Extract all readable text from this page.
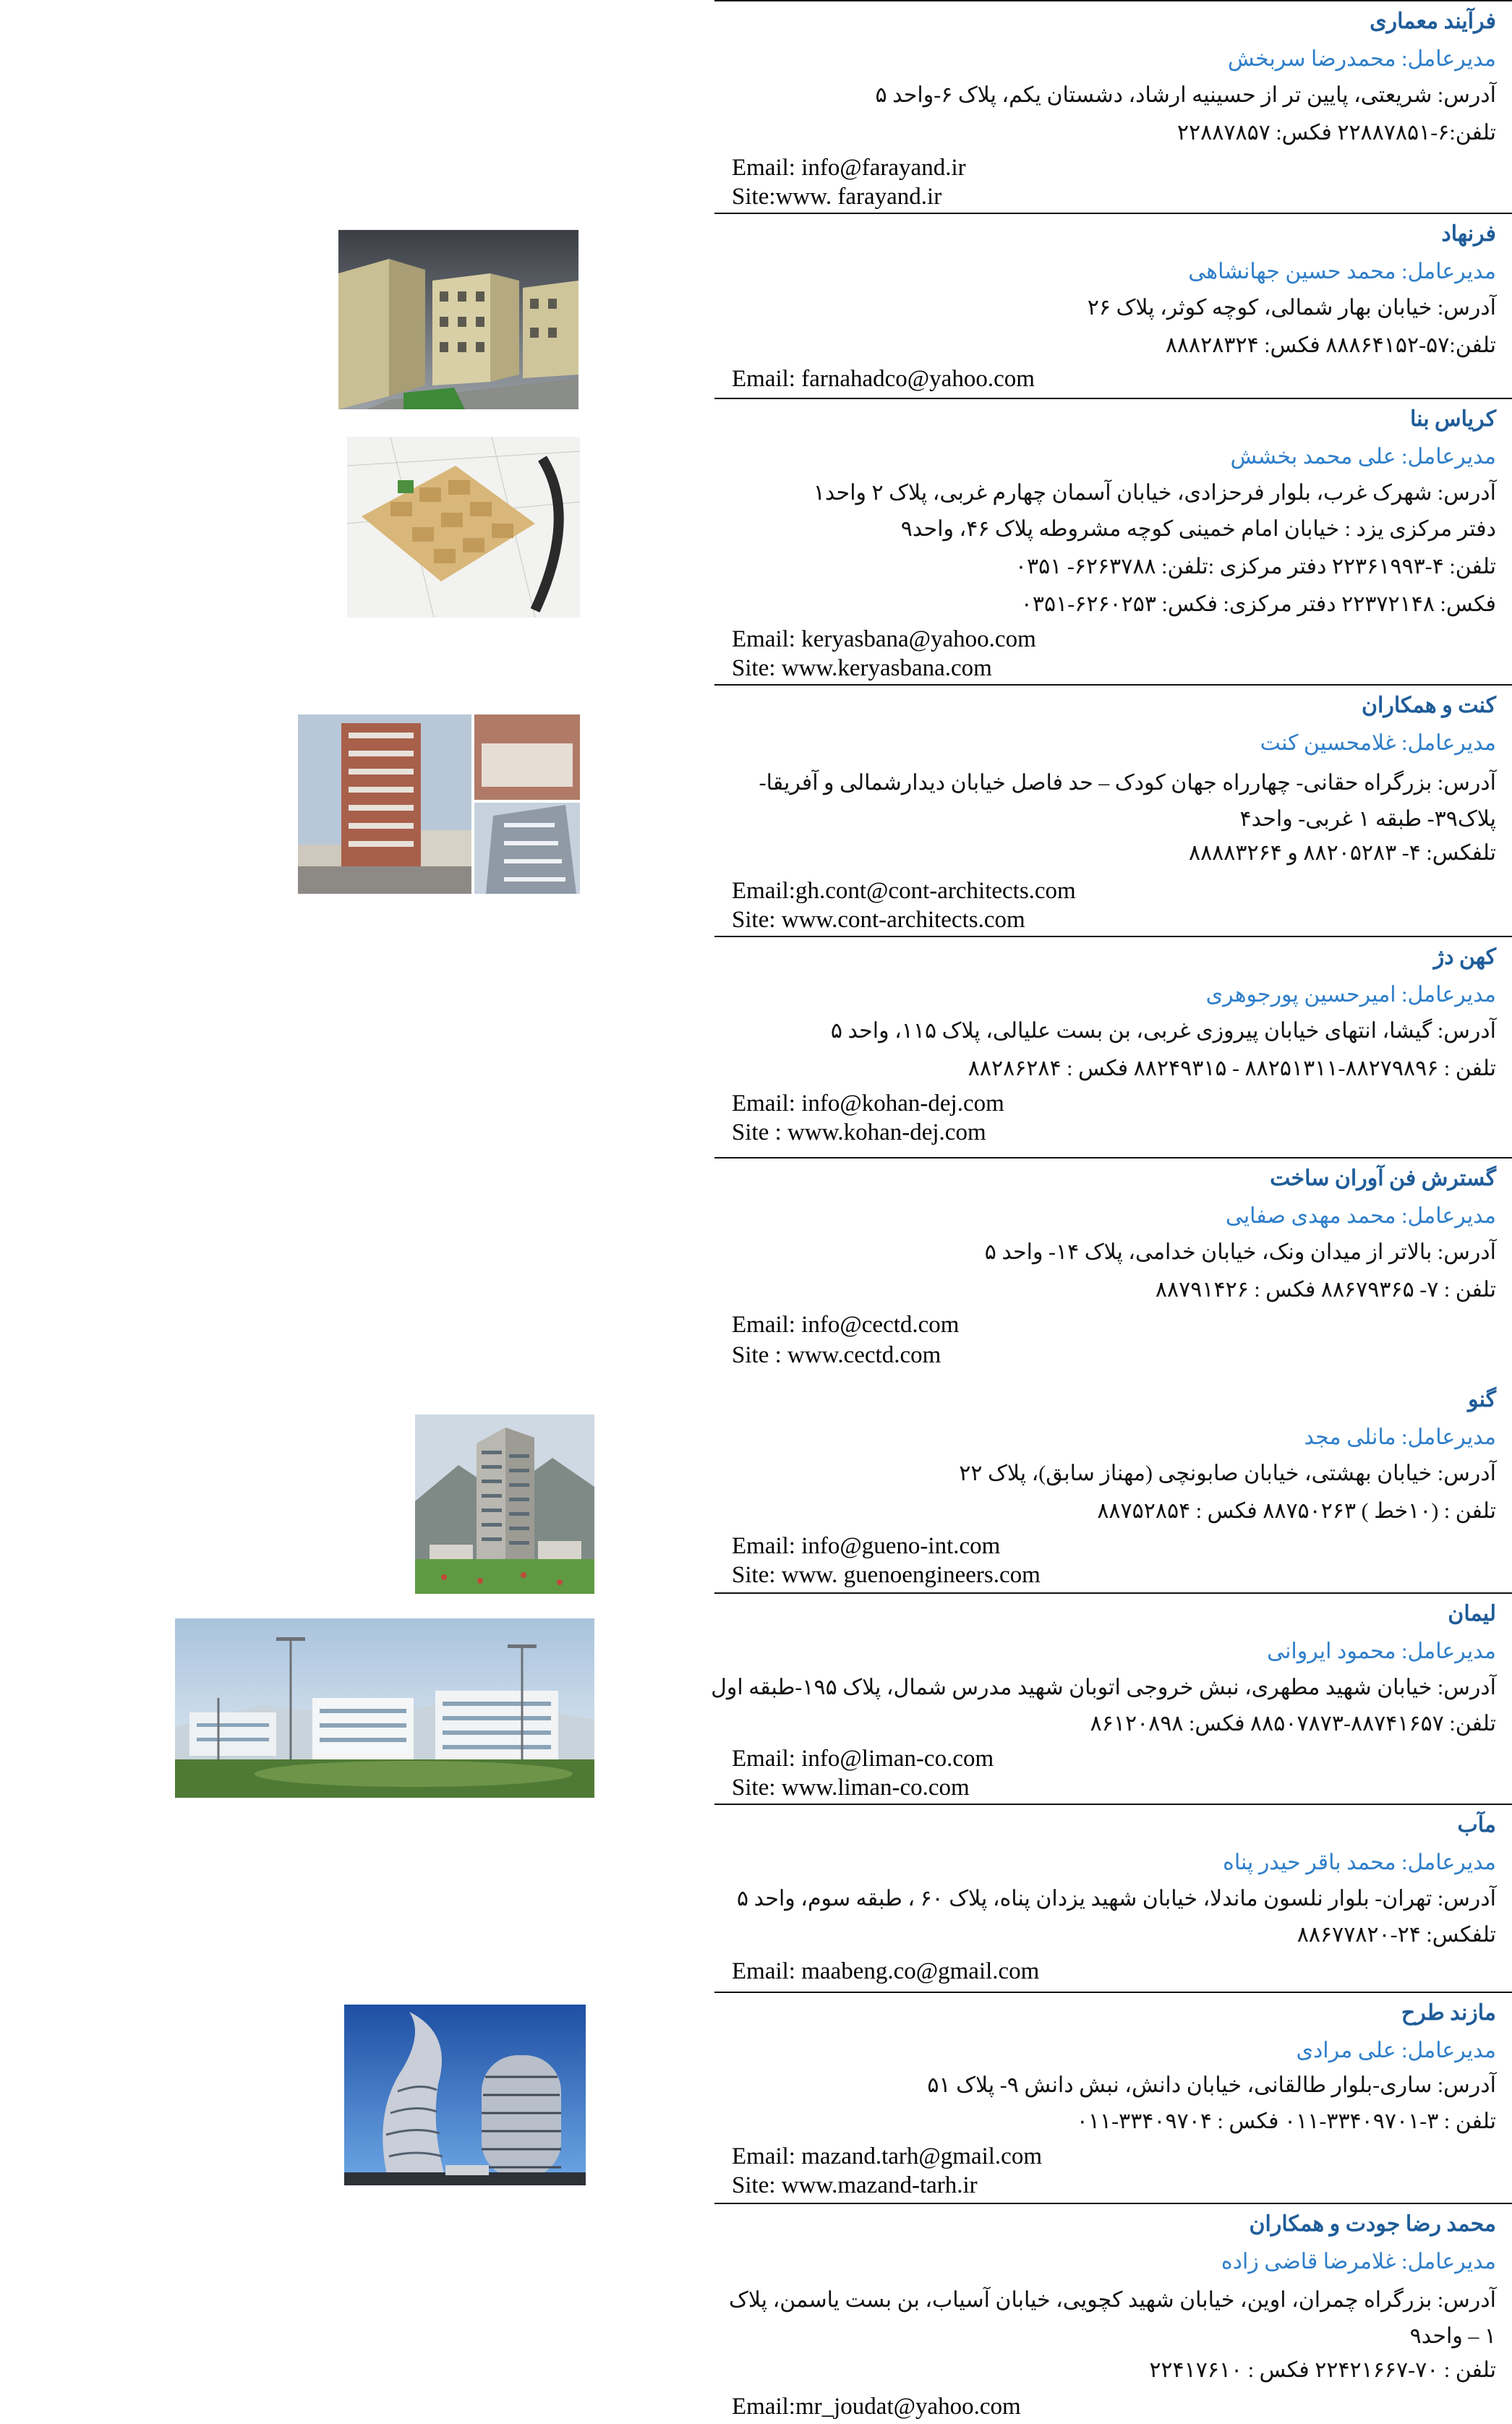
فرآیند معماری
مدیرعامل: محمدرضا سربخش
آدرس: شریعتی، پایین تر از حسینیه ارشاد، دشستان یکم، پلاک ۶-واحد ۵
تلفن:۶-۲۲۸۸۷۸۵۱ فکس: ۲۲۸۸۷۸۵۷
Email: info@farayand.ir
Site:www. farayand.ir
فرنهاد
مدیرعامل: محمد حسین جهانشاهی
آدرس: خیابان بهار شمالی، کوچه کوثر، پلاک ۲۶
تلفن:۵۷-۸۸۸۶۴۱۵۲ فکس: ۸۸۸۲۸۳۲۴
Email: farnahadco@yahoo.com
کریاس بنا
مدیرعامل: علی محمد بخشش
آدرس: شهرک غرب، بلوار فرحزادی، خیابان آسمان چهارم غربی، پلاک ۲ واحد۱
دفتر مرکزی یزد : خیابان امام خمینی کوچه مشروطه پلاک ۴۶، واحد۹
تلفن: ۴-۲۲۳۶۱۹۹۳ دفتر مرکزی :تلفن: ۶۲۶۳۷۸۸- ۰۳۵۱
فکس: ۲۲۳۷۲۱۴۸ دفتر مرکزی: فکس: ۶۲۶۰۲۵۳-۰۳۵۱
Email: keryasbana@yahoo.com
Site: www.keryasbana.com
کنت و همکاران
مدیرعامل: غلامحسین کنت
آدرس: بزرگراه حقانی- چهارراه جهان کودک – حد فاصل خیابان دیدارشمالی و آفریقا-پلاک۳۹- طبقه ۱ غربی- واحد۴
تلفکس: ۴- ۸۸۲۰۵۲۸۳ و ۸۸۸۸۳۲۶۴
Email:gh.cont@cont-architects.com
Site: www.cont-architects.com
کهن دژ
مدیرعامل: امیرحسین پورجوهری
آدرس: گیشا، انتهای خیابان پیروزی غربی، بن بست علیالی، پلاک ۱۱۵، واحد ۵
تلفن : ۸۸۲۷۹۸۹۶-۸۸۲۵۱۳۱۱ - ۸۸۲۴۹۳۱۵ فکس : ۸۸۲۸۶۲۸۴
Email: info@kohan-dej.com
Site : www.kohan-dej.com
گسترش فن آوران ساخت
مدیرعامل: محمد مهدی صفایی
آدرس: بالاتر از میدان ونک، خیابان خدامی، پلاک ۱۴- واحد ۵
تلفن : ۷- ۸۸۶۷۹۳۶۵ فکس : ۸۸۷۹۱۴۲۶
Email: info@cectd.com
Site : www.cectd.com
گنو
مدیرعامل: مانلی مجد
آدرس: خیابان بهشتی، خیابان صابونچی (مهناز سابق)، پلاک ۲۲
تلفن : (۱۰خط ) ۸۸۷۵۰۲۶۳ فکس : ۸۸۷۵۲۸۵۴
Email: info@gueno-int.com
Site: www. guenoengineers.com
لیمان
مدیرعامل: محمود ایروانی
آدرس: خیابان شهید مطهری، نبش خروجی اتوبان شهید مدرس شمال، پلاک ۱۹۵-طبقه اول
تلفن: ۸۸۷۴۱۶۵۷-۸۸۵۰۷۸۷۳ فکس: ۸۶۱۲۰۸۹۸
Email: info@liman-co.com
Site: www.liman-co.com
مآب
مدیرعامل: محمد باقر حیدر پناه
آدرس: تهران- بلوار نلسون ماندلا، خیابان شهید یزدان پناه، پلاک ۶۰ ، طبقه سوم، واحد ۵
تلفکس: ۲۴-۸۸۶۷۷۸۲۰
Email: maabeng.co@gmail.com
مازند طرح
مدیرعامل: علی مرادی
آدرس: ساری-بلوار طالقانی، خیابان دانش، نبش دانش ۹- پلاک ۵۱
تلفن : ۳-۳۳۴۰۹۷۰۱-۰۱۱ فکس : ۳۳۴۰۹۷۰۴-۰۱۱
Email: mazand.tarh@gmail.com
Site: www.mazand-tarh.ir
محمد رضا جودت و همکاران
مدیرعامل: غلامرضا قاضی زاده
آدرس: بزرگراه چمران، اوین، خیابان شهید کچویی، خیابان آسیاب، بن بست یاسمن، پلاک ۱ – واحد۹
تلفن : ۷۰-۲۲۴۲۱۶۶۷ فکس : ۲۲۴۱۷۶۱۰
Email:mr_joudat@yahoo.com
